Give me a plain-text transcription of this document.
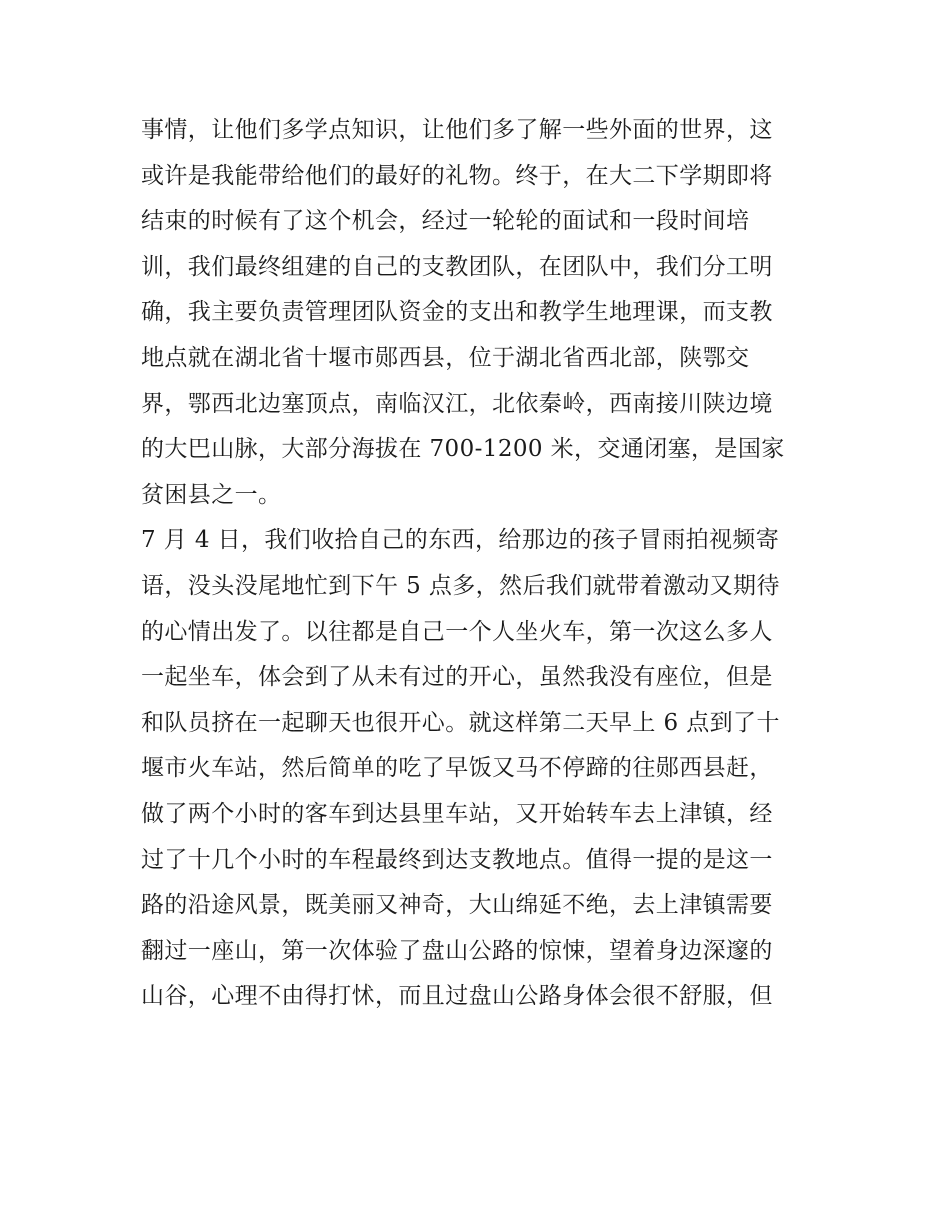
事情，让他们多学点知识，让他们多了解一些外面的世界，这
或许是我能带给他们的最好的礼物。终于，在大二下学期即将
结束的时候有了这个机会，经过一轮轮的面试和一段时间培
训，我们最终组建的自己的支教团队，在团队中，我们分工明
确，我主要负责管理团队资金的支出和教学生地理课，而支教
地点就在湖北省十堰市郧西县，位于湖北省西北部，陕鄂交
界，鄂西北边塞顶点，南临汉江，北依秦岭，西南接川陕边境
的大巴山脉，大部分海拔在 700-1200 米，交通闭塞，是国家
贫困县之一。
7 月 4 日，我们收拾自己的东西，给那边的孩子冒雨拍视频寄
语，没头没尾地忙到下午 5 点多，然后我们就带着激动又期待
的心情出发了。以往都是自己一个人坐火车，第一次这么多人
一起坐车，体会到了从未有过的开心，虽然我没有座位，但是
和队员挤在一起聊天也很开心。就这样第二天早上 6 点到了十
堰市火车站，然后简单的吃了早饭又马不停蹄的往郧西县赶，
做了两个小时的客车到达县里车站，又开始转车去上津镇，经
过了十几个小时的车程最终到达支教地点。值得一提的是这一
路的沿途风景，既美丽又神奇，大山绵延不绝，去上津镇需要
翻过一座山，第一次体验了盘山公路的惊悚，望着身边深邃的
山谷，心理不由得打怵，而且过盘山公路身体会很不舒服，但
